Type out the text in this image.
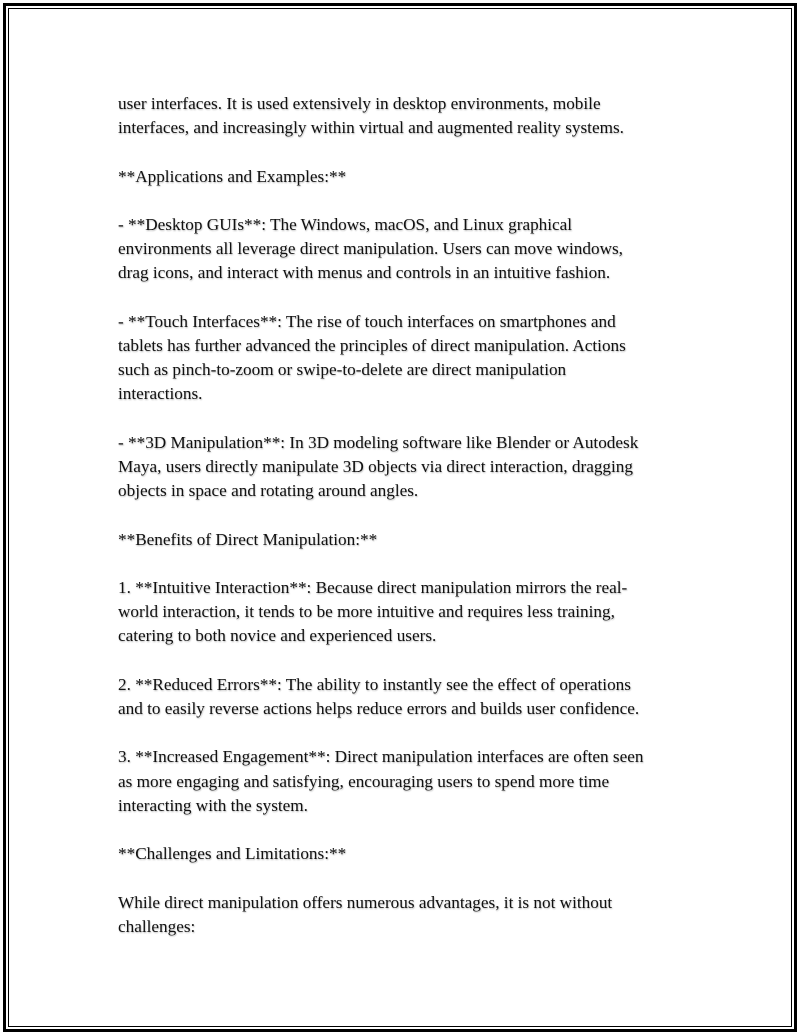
user interfaces. It is used extensively in desktop environments, mobile
interfaces, and increasingly within virtual and augmented reality systems.

**Applications and Examples:**

- **Desktop GUIs**: The Windows, macOS, and Linux graphical
environments all leverage direct manipulation. Users can move windows,
drag icons, and interact with menus and controls in an intuitive fashion.

- **Touch Interfaces**: The rise of touch interfaces on smartphones and
tablets has further advanced the principles of direct manipulation. Actions
such as pinch-to-zoom or swipe-to-delete are direct manipulation
interactions.

- **3D Manipulation**: In 3D modeling software like Blender or Autodesk
Maya, users directly manipulate 3D objects via direct interaction, dragging
objects in space and rotating around angles.

**Benefits of Direct Manipulation:**

1. **Intuitive Interaction**: Because direct manipulation mirrors the real-
world interaction, it tends to be more intuitive and requires less training,
catering to both novice and experienced users.

2. **Reduced Errors**: The ability to instantly see the effect of operations
and to easily reverse actions helps reduce errors and builds user confidence.

3. **Increased Engagement**: Direct manipulation interfaces are often seen
as more engaging and satisfying, encouraging users to spend more time
interacting with the system.

**Challenges and Limitations:**

While direct manipulation offers numerous advantages, it is not without
challenges:
